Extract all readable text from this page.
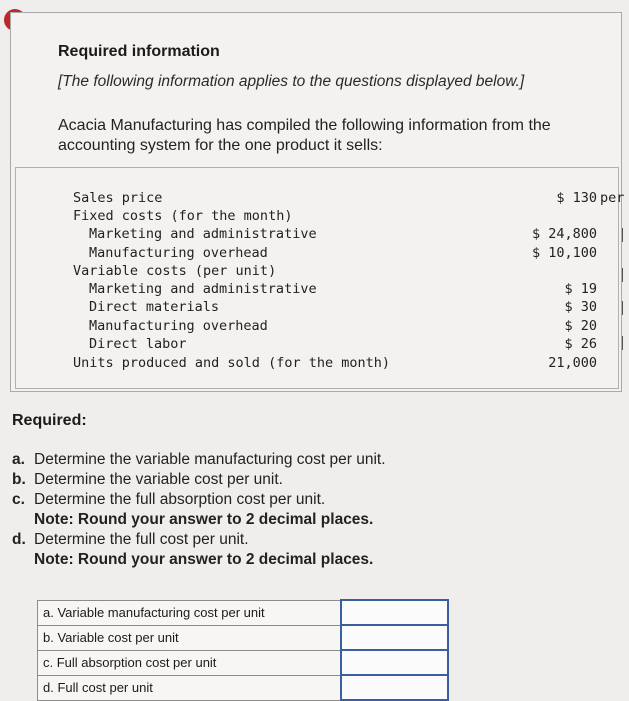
Required information
[The following information applies to the questions displayed below.]
Acacia Manufacturing has compiled the following information from the accounting system for the one product it sells:
Sales price	$ 130 per
Fixed costs (for the month)
Marketing and administrative	$ 24,800
Manufacturing overhead	$ 10,100
Variable costs (per unit)
Marketing and administrative	$ 19
Direct materials	$ 30
Manufacturing overhead	$ 20
Direct labor	$ 26
Units produced and sold (for the month)	21,000
Required:
a. Determine the variable manufacturing cost per unit.
b. Determine the variable cost per unit.
c. Determine the full absorption cost per unit.
Note: Round your answer to 2 decimal places.
d. Determine the full cost per unit.
Note: Round your answer to 2 decimal places.
a. Variable manufacturing cost per unit	
b. Variable cost per unit	
c. Full absorption cost per unit	
d. Full cost per unit	
